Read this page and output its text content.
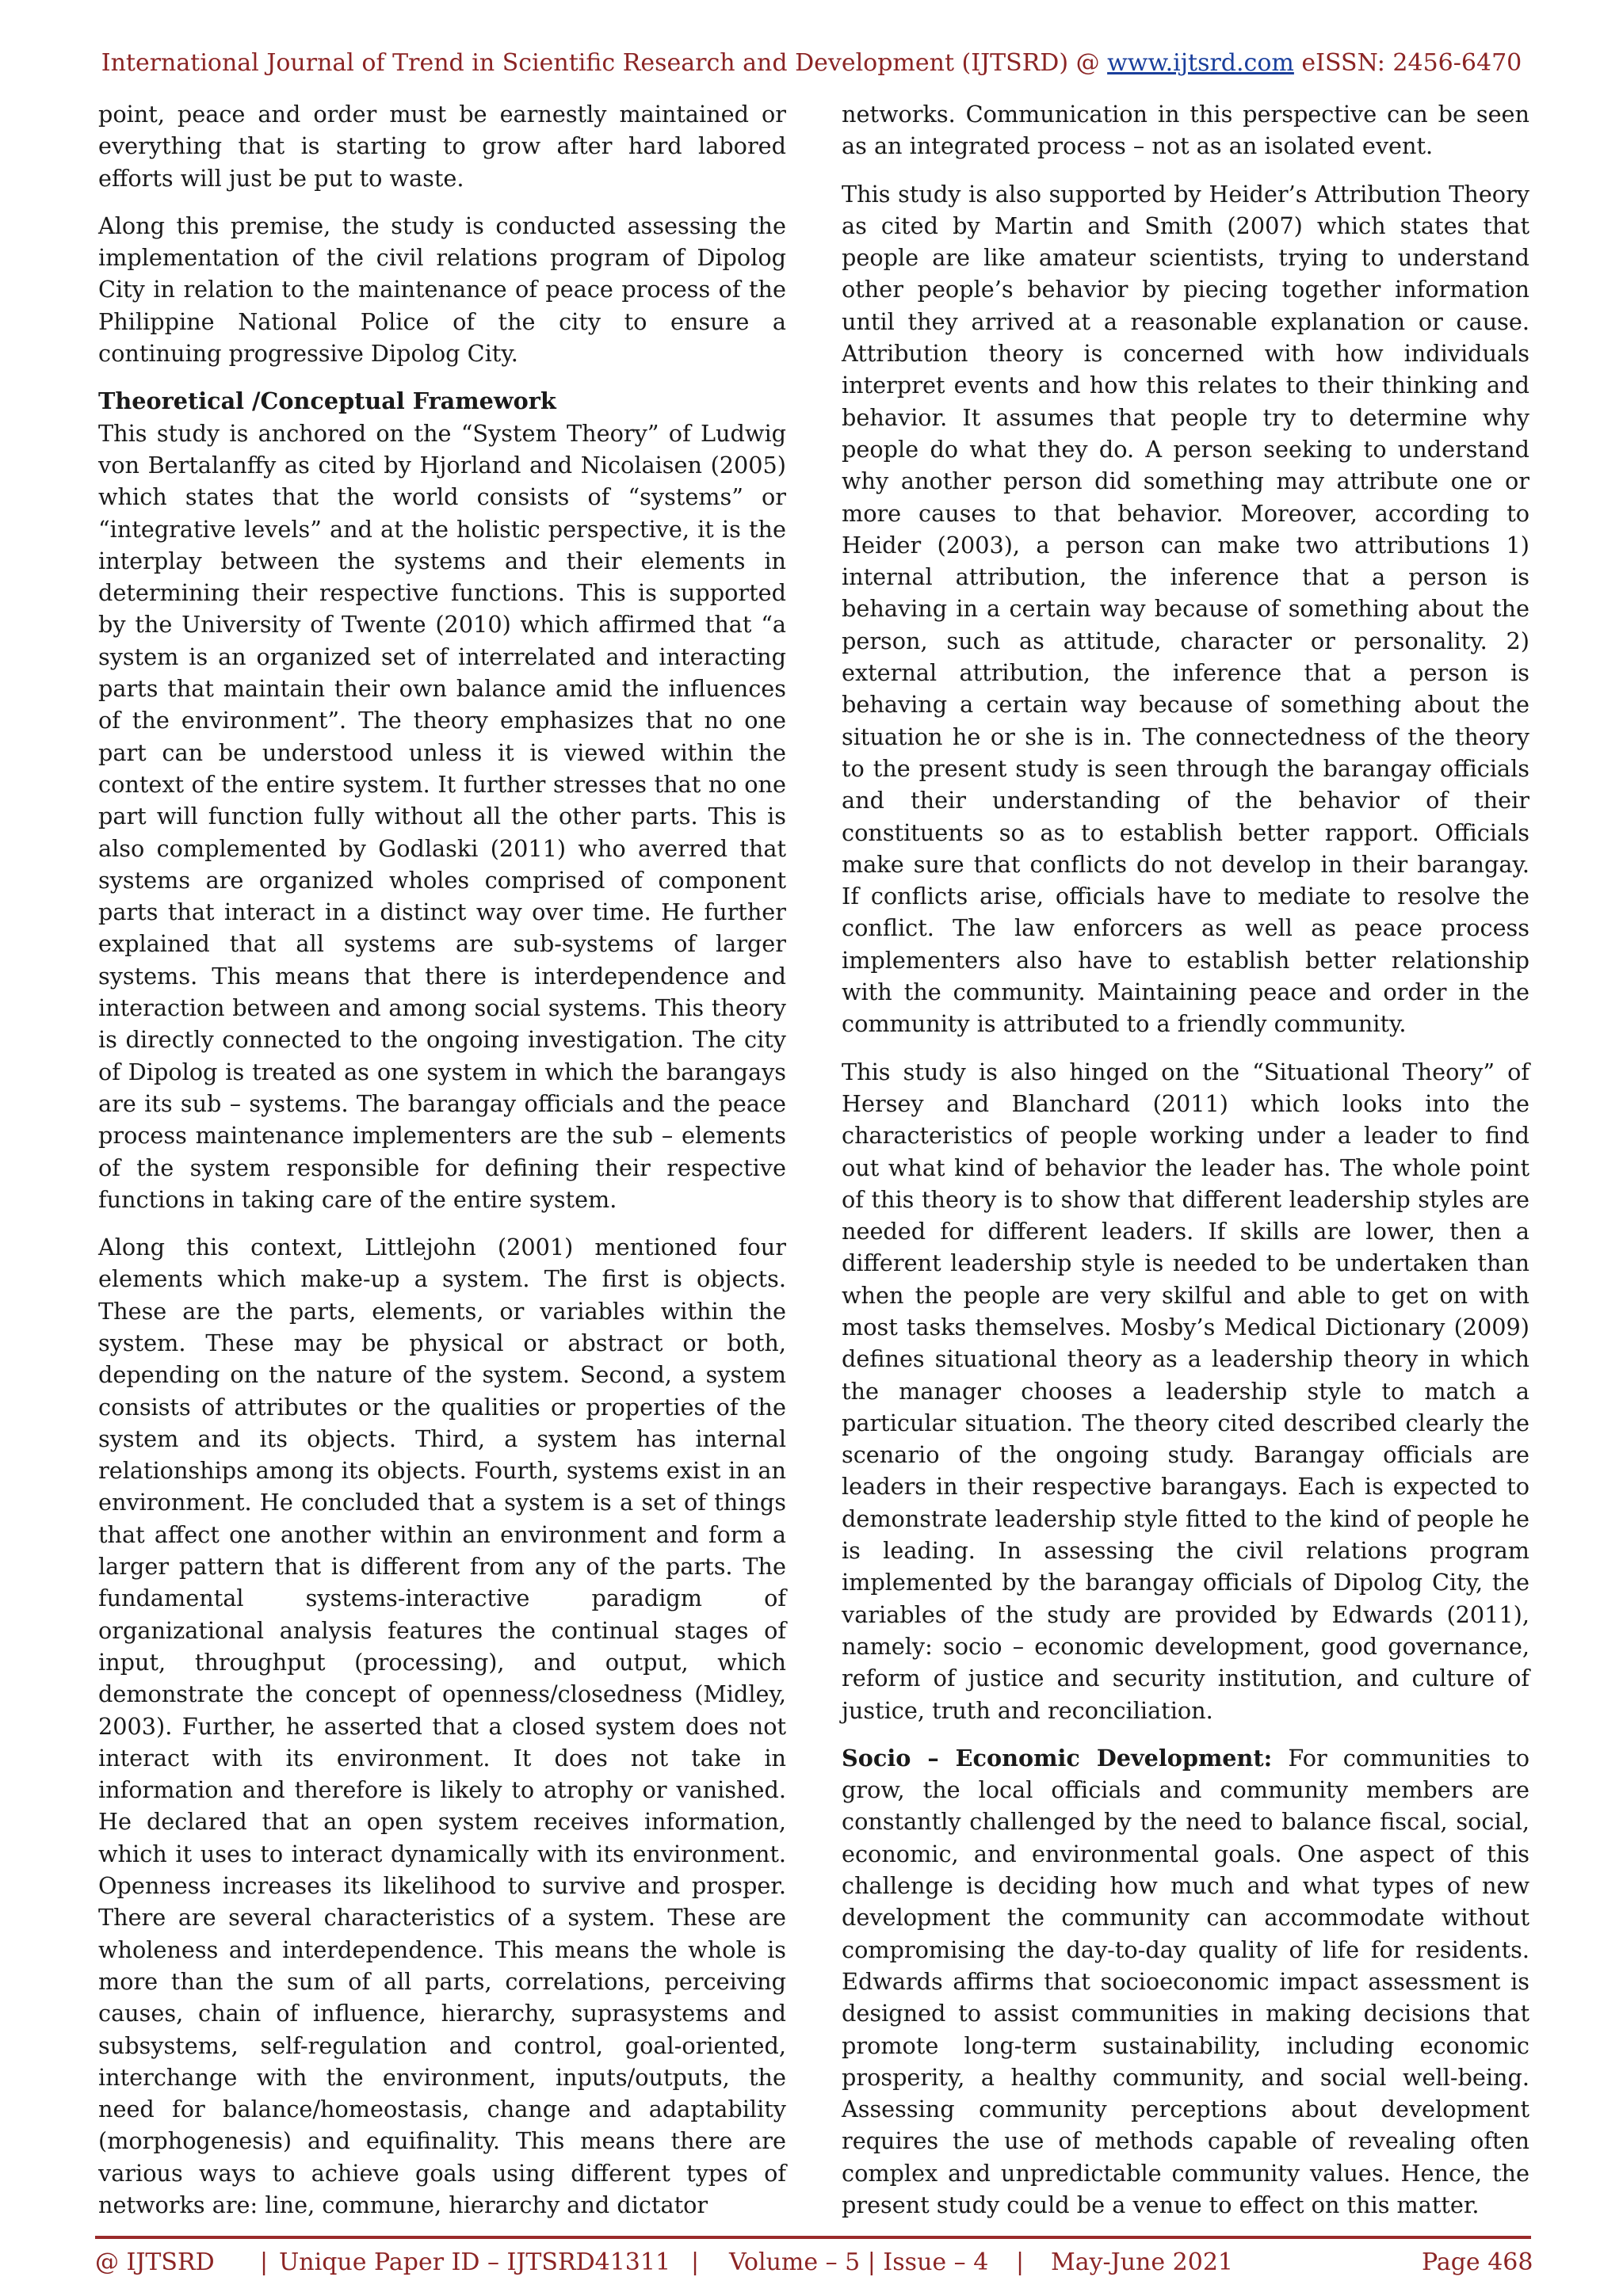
International Journal of Trend in Scientific Research and Development (IJTSRD) @ www.ijtsrd.com eISSN: 2456-6470

point, peace and order must be earnestly maintained or everything that is starting to grow after hard labored efforts will just be put to waste.

Along this premise, the study is conducted assessing the implementation of the civil relations program of Dipolog City in relation to the maintenance of peace process of the Philippine National Police of the city to ensure a continuing progressive Dipolog City.

Theoretical /Conceptual Framework

This study is anchored on the “System Theory” of Ludwig von Bertalanffy as cited by Hjorland and Nicolaisen (2005) which states that the world consists of “systems” or “integrative levels” and at the holistic perspective, it is the interplay between the systems and their elements in determining their respective functions. This is supported by the University of Twente (2010) which affirmed that “a system is an organized set of interrelated and interacting parts that maintain their own balance amid the influences of the environment”. The theory emphasizes that no one part can be understood unless it is viewed within the context of the entire system. It further stresses that no one part will function fully without all the other parts. This is also complemented by Godlaski (2011) who averred that systems are organized wholes comprised of component parts that interact in a distinct way over time. He further explained that all systems are sub-systems of larger systems. This means that there is interdependence and interaction between and among social systems. This theory is directly connected to the ongoing investigation. The city of Dipolog is treated as one system in which the barangays are its sub – systems. The barangay officials and the peace process maintenance implementers are the sub – elements of the system responsible for defining their respective functions in taking care of the entire system.

Along this context, Littlejohn (2001) mentioned four elements which make-up a system. The first is objects. These are the parts, elements, or variables within the system. These may be physical or abstract or both, depending on the nature of the system. Second, a system consists of attributes or the qualities or properties of the system and its objects. Third, a system has internal relationships among its objects. Fourth, systems exist in an environment. He concluded that a system is a set of things that affect one another within an environment and form a larger pattern that is different from any of the parts. The fundamental systems-interactive paradigm of organizational analysis features the continual stages of input, throughput (processing), and output, which demonstrate the concept of openness/closedness (Midley, 2003). Further, he asserted that a closed system does not interact with its environment. It does not take in information and therefore is likely to atrophy or vanished. He declared that an open system receives information, which it uses to interact dynamically with its environment. Openness increases its likelihood to survive and prosper. There are several characteristics of a system. These are wholeness and interdependence. This means the whole is more than the sum of all parts, correlations, perceiving causes, chain of influence, hierarchy, suprasystems and subsystems, self-regulation and control, goal-oriented, interchange with the environment, inputs/outputs, the need for balance/homeostasis, change and adaptability (morphogenesis) and equifinality. This means there are various ways to achieve goals using different types of networks are: line, commune, hierarchy and dictator

networks. Communication in this perspective can be seen as an integrated process – not as an isolated event.

This study is also supported by Heider’s Attribution Theory as cited by Martin and Smith (2007) which states that people are like amateur scientists, trying to understand other people’s behavior by piecing together information until they arrived at a reasonable explanation or cause. Attribution theory is concerned with how individuals interpret events and how this relates to their thinking and behavior. It assumes that people try to determine why people do what they do. A person seeking to understand why another person did something may attribute one or more causes to that behavior. Moreover, according to Heider (2003), a person can make two attributions 1) internal attribution, the inference that a person is behaving in a certain way because of something about the person, such as attitude, character or personality. 2) external attribution, the inference that a person is behaving a certain way because of something about the situation he or she is in. The connectedness of the theory to the present study is seen through the barangay officials and their understanding of the behavior of their constituents so as to establish better rapport. Officials make sure that conflicts do not develop in their barangay. If conflicts arise, officials have to mediate to resolve the conflict. The law enforcers as well as peace process implementers also have to establish better relationship with the community. Maintaining peace and order in the community is attributed to a friendly community.

This study is also hinged on the “Situational Theory” of Hersey and Blanchard (2011) which looks into the characteristics of people working under a leader to find out what kind of behavior the leader has. The whole point of this theory is to show that different leadership styles are needed for different leaders. If skills are lower, then a different leadership style is needed to be undertaken than when the people are very skilful and able to get on with most tasks themselves. Mosby’s Medical Dictionary (2009) defines situational theory as a leadership theory in which the manager chooses a leadership style to match a particular situation. The theory cited described clearly the scenario of the ongoing study. Barangay officials are leaders in their respective barangays. Each is expected to demonstrate leadership style fitted to the kind of people he is leading. In assessing the civil relations program implemented by the barangay officials of Dipolog City, the variables of the study are provided by Edwards (2011), namely: socio – economic development, good governance, reform of justice and security institution, and culture of justice, truth and reconciliation.

Socio – Economic Development: For communities to grow, the local officials and community members are constantly challenged by the need to balance fiscal, social, economic, and environmental goals. One aspect of this challenge is deciding how much and what types of new development the community can accommodate without compromising the day-to-day quality of life for residents. Edwards affirms that socioeconomic impact assessment is designed to assist communities in making decisions that promote long-term sustainability, including economic prosperity, a healthy community, and social well-being. Assessing community perceptions about development requires the use of methods capable of revealing often complex and unpredictable community values. Hence, the present study could be a venue to effect on this matter.

@ IJTSRD | Unique Paper ID – IJTSRD41311 | Volume – 5 | Issue – 4 | May-June 2021	Page 468
